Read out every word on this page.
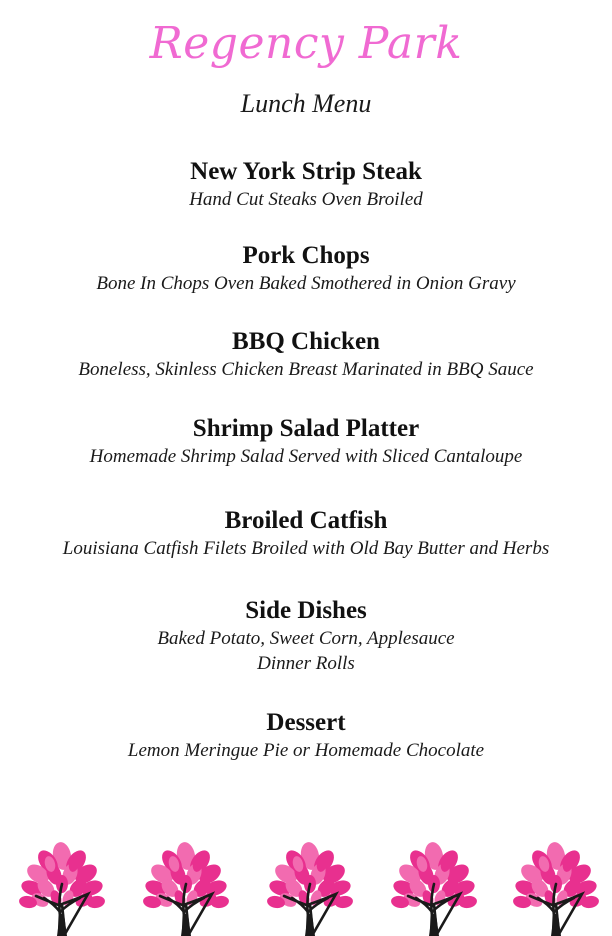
Regency Park
Lunch Menu
New York Strip Steak
Hand Cut Steaks Oven Broiled
Pork Chops
Bone In Chops Oven Baked Smothered in Onion Gravy
BBQ Chicken
Boneless, Skinless Chicken Breast Marinated in BBQ Sauce
Shrimp Salad Platter
Homemade Shrimp Salad Served with Sliced Cantaloupe
Broiled Catfish
Louisiana Catfish Filets Broiled with Old Bay Butter and Herbs
Side Dishes
Baked Potato, Sweet Corn, Applesauce
Dinner Rolls
Dessert
Lemon Meringue Pie or Homemade Chocolate
